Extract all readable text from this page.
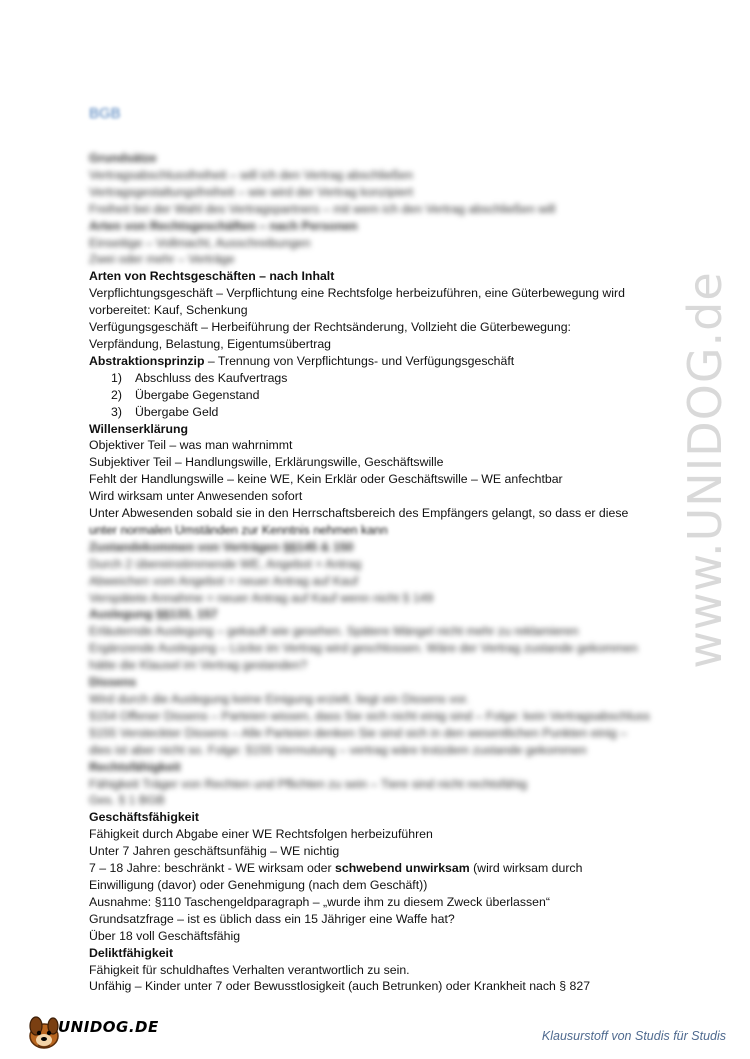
www.UNIDOG.de
BGB
Grundsätze
Vertragsabschlussfreiheit – will ich den Vertrag abschließen
Vertragsgestaltungsfreiheit – wie wird der Vertrag konzipiert
Freiheit bei der Wahl des Vertragspartners – mit wem ich den Vertrag abschließen will
Arten von Rechtsgeschäften – nach Personen
Einseitige – Vollmacht, Ausschreibungen
Zwei oder mehr – Verträge
Arten von Rechtsgeschäften – nach Inhalt
Verpflichtungsgeschäft – Verpflichtung eine Rechtsfolge herbeizuführen, eine Güterbewegung wird
vorbereitet: Kauf, Schenkung
Verfügungsgeschäft – Herbeiführung der Rechtsänderung, Vollzieht die Güterbewegung:
Verpfändung, Belastung, Eigentumsübertrag
Abstraktionsprinzip – Trennung von Verpflichtungs- und Verfügungsgeschäft
1) Abschluss des Kaufvertrags
2) Übergabe Gegenstand
3) Übergabe Geld
Willenserklärung
Objektiver Teil – was man wahrnimmt
Subjektiver Teil – Handlungswille, Erklärungswille, Geschäftswille
Fehlt der Handlungswille – keine WE, Kein Erklär oder Geschäftswille – WE anfechtbar
Wird wirksam unter Anwesenden sofort
Unter Abwesenden sobald sie in den Herrschaftsbereich des Empfängers gelangt, so dass er diese
unter normalen Umständen zur Kenntnis nehmen kann
Zustandekommen von Verträgen §§145 & 150
Durch 2 übereinstimmende WE, Angebot + Antrag
Abweichen vom Angebot = neuer Antrag auf Kauf
Verspätete Annahme = neuer Antrag auf Kauf wenn nicht § 149
Auslegung §§133, 157
Erläuternde Auslegung – gekauft wie gesehen. Spätere Mängel nicht mehr zu reklamieren
Ergänzende Auslegung – Lücke im Vertrag wird geschlossen. Wäre der Vertrag zustande gekommen
hätte die Klausel im Vertrag gestanden?
Dissens
Wird durch die Auslegung keine Einigung erzielt, liegt ein Dissens vor.
§154 Offener Dissens – Parteien wissen, dass Sie sich nicht einig sind – Folge: kein Vertragsabschluss
§155 Versteckter Dissens – Alle Parteien denken Sie sind sich in den wesentlichen Punkten einig –
dies ist aber nicht so. Folge: §155 Vermutung – vertrag wäre trotzdem zustande gekommen
Rechtsfähigkeit
Fähigkeit Träger von Rechten und Pflichten zu sein – Tiere sind nicht rechtsfähig
Ges. § 1 BGB
Geschäftsfähigkeit
Fähigkeit durch Abgabe einer WE Rechtsfolgen herbeizuführen
Unter 7 Jahren geschäftsunfähig – WE nichtig
7 – 18 Jahre: beschränkt - WE wirksam oder schwebend unwirksam (wird wirksam durch
Einwilligung (davor) oder Genehmigung (nach dem Geschäft))
Ausnahme: §110 Taschengeldparagraph – „wurde ihm zu diesem Zweck überlassen“
Grundsatzfrage – ist es üblich dass ein 15 Jähriger eine Waffe hat?
Über 18 voll Geschäftsfähig
Deliktfähigkeit
Fähigkeit für schuldhaftes Verhalten verantwortlich zu sein.
Unfähig – Kinder unter 7 oder Bewusstlosigkeit (auch Betrunken) oder Krankheit nach § 827
UNIDOG.DE	Klausurstoff von Studis für Studis
